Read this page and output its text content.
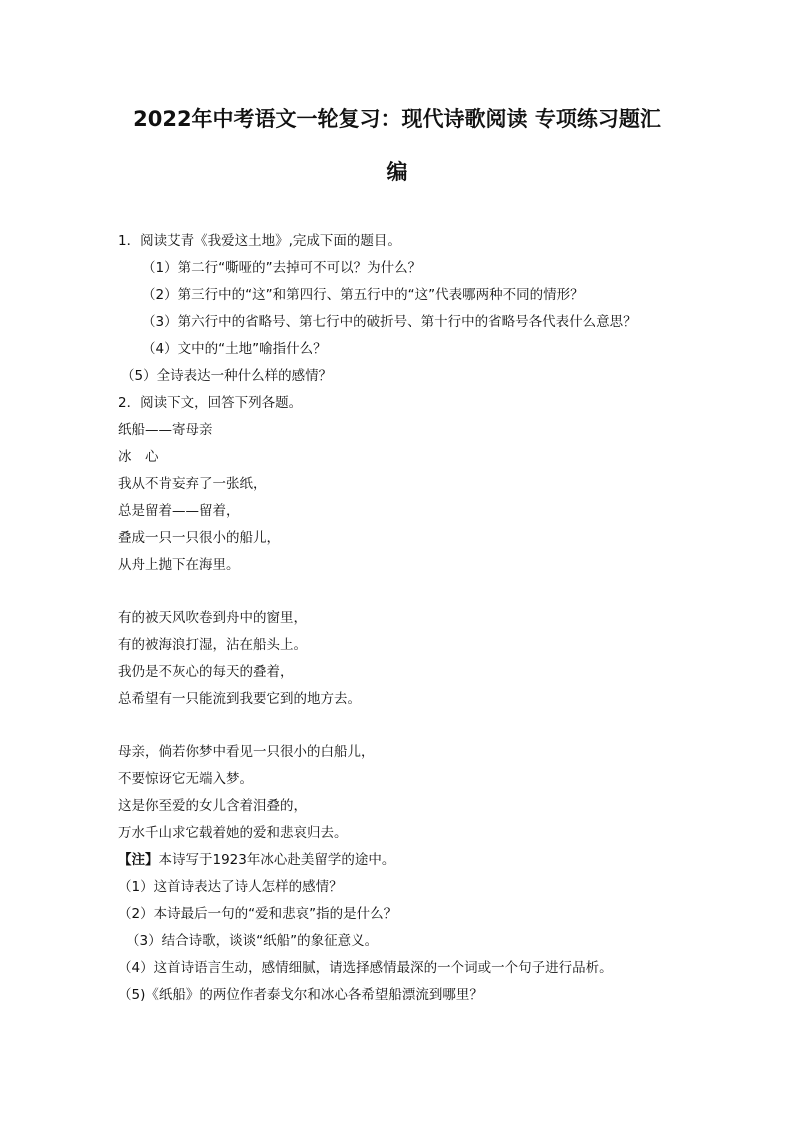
2022年中考语文一轮复习：现代诗歌阅读 专项练习题汇
编
1．阅读艾青《我爱这土地》,完成下面的题目。
（1）第二行“嘶哑的”去掉可不可以？为什么？
（2）第三行中的“这”和第四行、第五行中的“这”代表哪两种不同的情形？
（3）第六行中的省略号、第七行中的破折号、第十行中的省略号各代表什么意思？
（4）文中的“土地”喻指什么？
（5）全诗表达一种什么样的感情？
2．阅读下文，回答下列各题。
纸船——寄母亲
冰　心
我从不肯妄弃了一张纸，
总是留着——留着，
叠成一只一只很小的船儿，
从舟上抛下在海里。
有的被天风吹卷到舟中的窗里，
有的被海浪打湿，沾在船头上。
我仍是不灰心的每天的叠着，
总希望有一只能流到我要它到的地方去。
母亲，倘若你梦中看见一只很小的白船儿，
不要惊讶它无端入梦。
这是你至爱的女儿含着泪叠的，
万水千山求它载着她的爱和悲哀归去。
【注】本诗写于1923年冰心赴美留学的途中。
（1）这首诗表达了诗人怎样的感情？
（2）本诗最后一句的“爱和悲哀”指的是什么？
（3）结合诗歌，谈谈“纸船”的象征意义。
（4）这首诗语言生动，感情细腻，请选择感情最深的一个词或一个句子进行品析。
（5)《纸船》的两位作者泰戈尔和冰心各希望船漂流到哪里？
